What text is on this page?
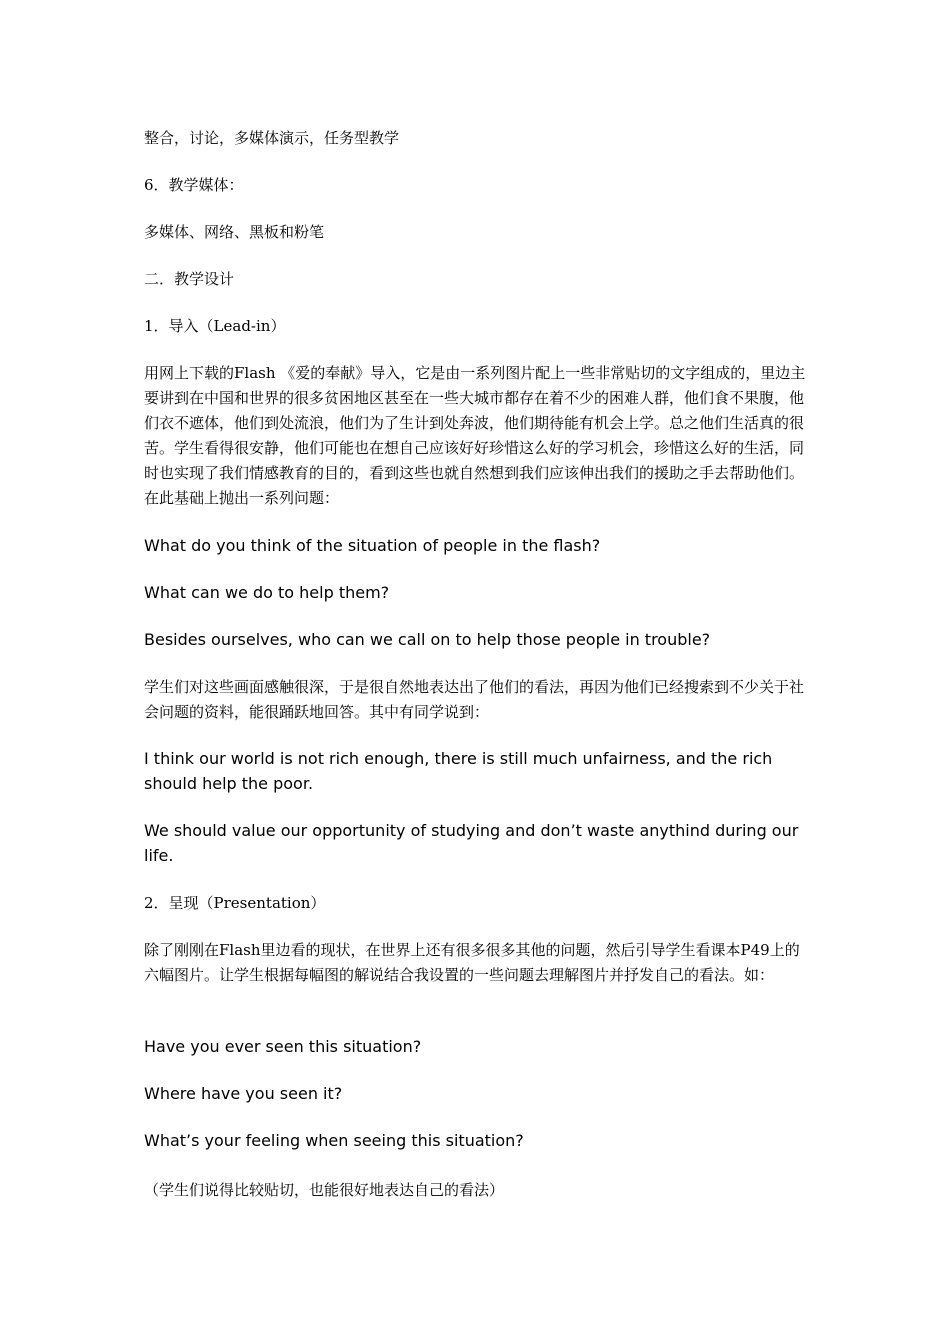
整合，讨论，多媒体演示，任务型教学

6．教学媒体：

多媒体、网络、黑板和粉笔

二．教学设计

1．导入（Lead-in）

用网上下载的Flash 《爱的奉献》导入，它是由一系列图片配上一些非常贴切的文字组成的，里边主要讲到在中国和世界的很多贫困地区甚至在一些大城市都存在着不少的困难人群，他们食不果腹，他们衣不遮体，他们到处流浪，他们为了生计到处奔波，他们期待能有机会上学。总之他们生活真的很苦。学生看得很安静，他们可能也在想自己应该好好珍惜这么好的学习机会，珍惜这么好的生活，同时也实现了我们情感教育的目的，看到这些也就自然想到我们应该伸出我们的援助之手去帮助他们。在此基础上抛出一系列问题：

What do you think of the situation of people in the flash?

What can we do to help them?

Besides ourselves, who can we call on to help those people in trouble?

学生们对这些画面感触很深，于是很自然地表达出了他们的看法，再因为他们已经搜索到不少关于社会问题的资料，能很踊跃地回答。其中有同学说到：

I think our world is not rich enough, there is still much unfairness, and the rich should help the poor.

We should value our opportunity of studying and don’t waste anythind during our life.

2．呈现（Presentation）

除了刚刚在Flash里边看的现状，在世界上还有很多很多其他的问题，然后引导学生看课本P49上的六幅图片。让学生根据每幅图的解说结合我设置的一些问题去理解图片并抒发自己的看法。如：

Have you ever seen this situation?

Where have you seen it?

What’s your feeling when seeing this situation?

（学生们说得比较贴切，也能很好地表达自己的看法）
